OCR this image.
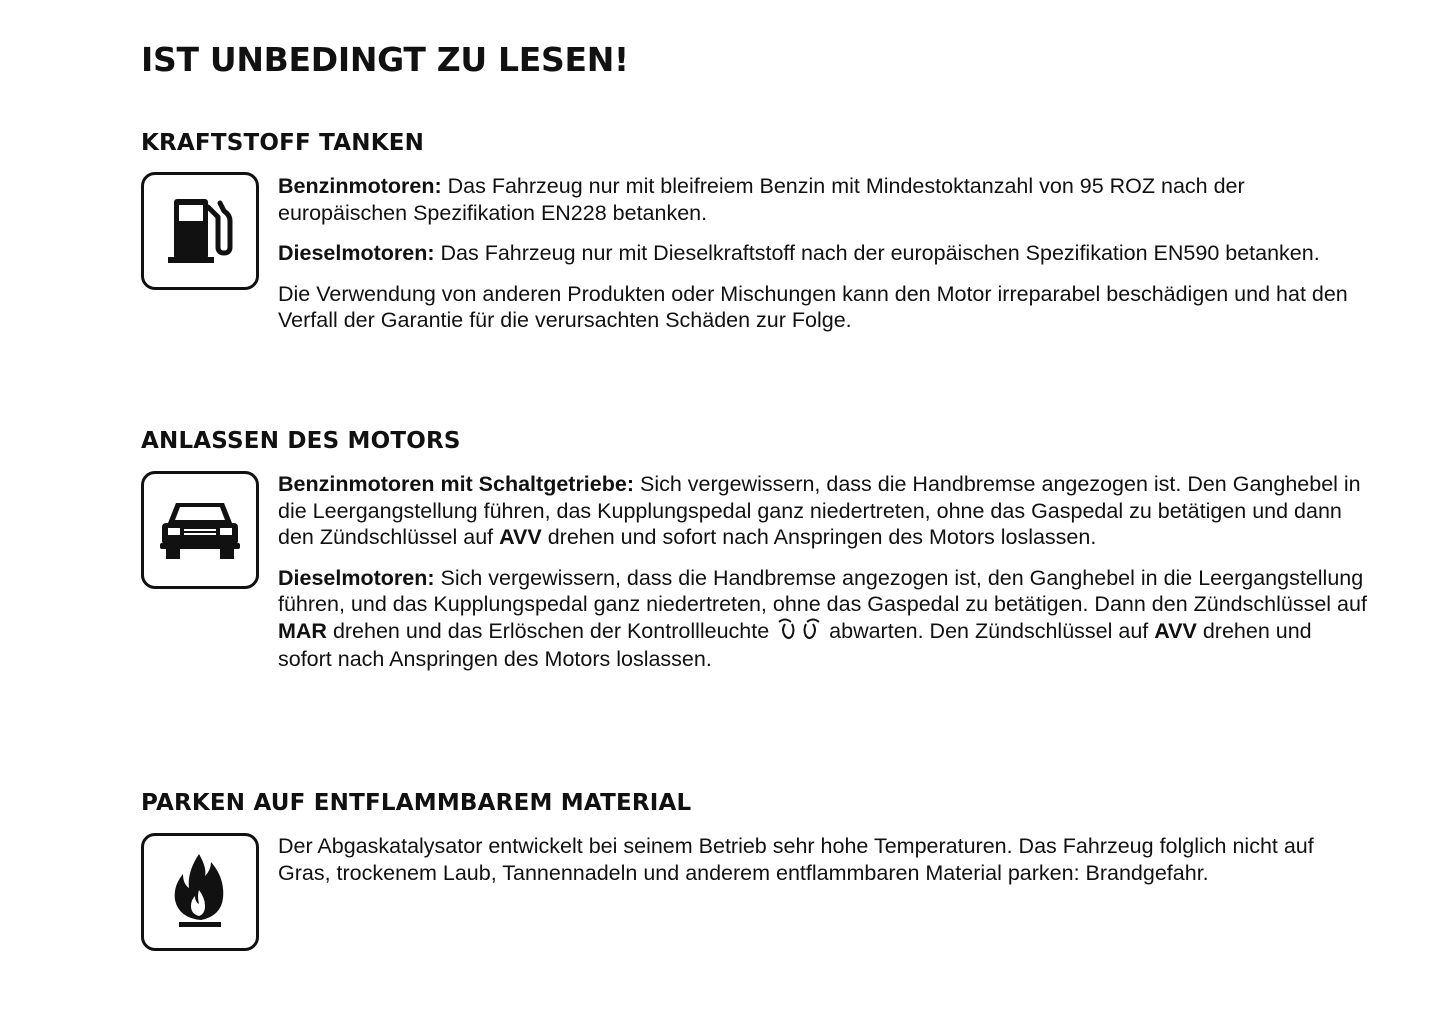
IST UNBEDINGT ZU LESEN!
KRAFTSTOFF TANKEN

Benzinmotoren: Das Fahrzeug nur mit bleifreiem Benzin mit Mindestoktanzahl von 95 ROZ nach der europäischen Spezifikation EN228 betanken.

Dieselmotoren: Das Fahrzeug nur mit Dieselkraftstoff nach der europäischen Spezifikation EN590 betanken.

Die Verwendung von anderen Produkten oder Mischungen kann den Motor irreparabel beschädigen und hat den Verfall der Garantie für die verursachten Schäden zur Folge.

ANLASSEN DES MOTORS

Benzinmotoren mit Schaltgetriebe: Sich vergewissern, dass die Handbremse angezogen ist. Den Ganghebel in die Leergangstellung führen, das Kupplungspedal ganz niedertreten, ohne das Gaspedal zu betätigen und dann den Zündschlüssel auf AVV drehen und sofort nach Anspringen des Motors loslassen.

Dieselmotoren: Sich vergewissern, dass die Handbremse angezogen ist, den Ganghebel in die Leergangstellung führen, und das Kupplungspedal ganz niedertreten, ohne das Gaspedal zu betätigen. Dann den Zündschlüssel auf MAR drehen und das Erlöschen der Kontrollleuchte  abwarten. Den Zündschlüssel auf AVV drehen und sofort nach Anspringen des Motors loslassen.

PARKEN AUF ENTFLAMMBAREM MATERIAL

Der Abgaskatalysator entwickelt bei seinem Betrieb sehr hohe Temperaturen. Das Fahrzeug folglich nicht auf Gras, trockenem Laub, Tannennadeln und anderem entflammbaren Material parken: Brandgefahr.
